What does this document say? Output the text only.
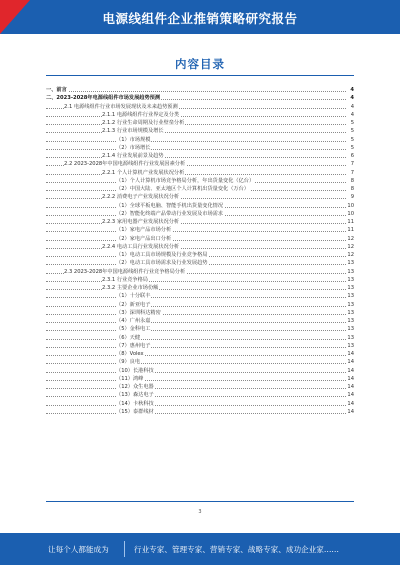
电源线组件企业推销策略研究报告
内容目录
一、前言	4
二、2023-2028年电源线组件市场发展趋势预测	4
2.1 电源线组件行业市场发展现状及未来趋势预测	4
2.1.1 电源线组件行业界定及分类	4
2.1.2 行业生命周期及行业壁垒分析	5
2.1.3 行业市场规模及增长	5
（1）市场规模	5
（2）市场增长	5
2.1.4 行业发展前景及趋势	6
2.2 2023-2028年中国电源线组件行业发展因素分析	7
2.2.1 个人计算机产业发展状况分析	7
（1）个人计算机市场竞争格局分析，年出货量变化（亿台）	8
（2）中国大陆、亚太地区个人计算机出货量变化（万台）	8
2.2.2 消费电子产业发展状况分析	9
（1）全球平板电脑、智能手机出货量变化情况	10
（2）智能化终端产品带动行业发展及市场需求	10
2.2.3 家用电器产业发展状况分析	11
（1）家电产品市场分析	11
（2）家电产品出口分析	12
2.2.4 电动工具行业发展状况分析	12
（1）电动工具市场规模及行业竞争格局	12
（2）电动工具市场需求及行业发展趋势	13
2.3 2023-2028年中国电源线组件行业竞争格局分析	13
2.3.1 行业竞争格局	13
2.3.2 主要企业市场份额	13
（1）十分联丰	13
（2）新亚电子	13
（3）深圳科达精密	13
（4）广州永嘉	13
（5）金科电工	13
（6）天健	13
（7）惠州电子	13
（8）Volex	14
（9）良电	14
（10）长港科技	14
（11）鸿峰	14
（12）众生电器	14
（13）森达电子	14
（14）卡秋科技	14
（15）泰群线材	14
3
让每个人都能成为	行业专家、管理专家、营销专家、战略专家、成功企业家……
